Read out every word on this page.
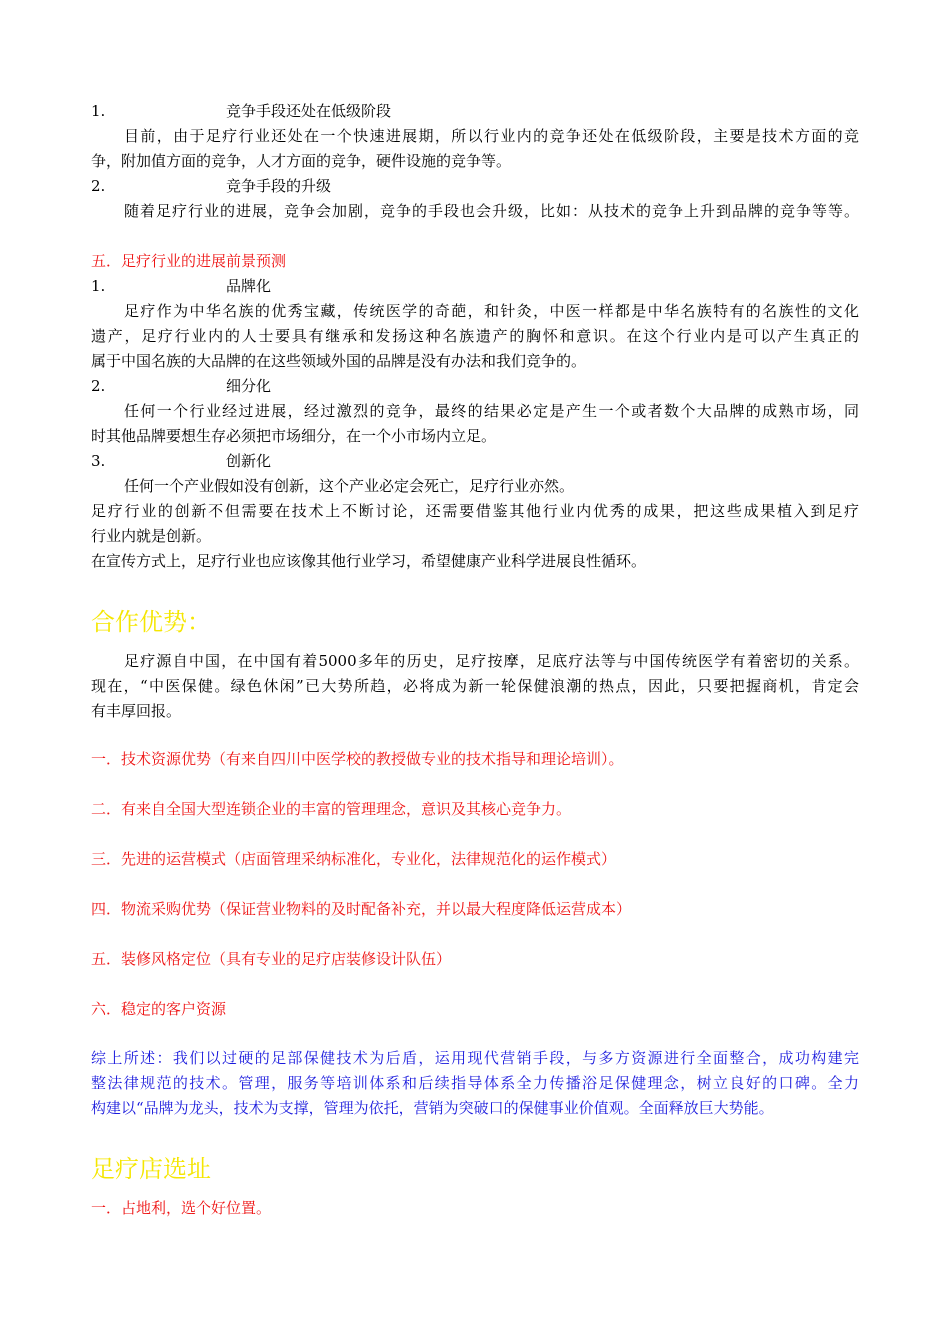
1.	竞争手段还处在低级阶段
目前，由于足疗行业还处在一个快速进展期，所以行业内的竞争还处在低级阶段，主要是技术方面的竞
争，附加值方面的竞争，人才方面的竞争，硬件设施的竞争等。
2.	竞争手段的升级
随着足疗行业的进展，竞争会加剧，竞争的手段也会升级，比如：从技术的竞争上升到品牌的竞争等等。
五．足疗行业的进展前景预测
1.	品牌化
足疗作为中华名族的优秀宝藏，传统医学的奇葩，和针灸，中医一样都是中华名族特有的名族性的文化
遗产，足疗行业内的人士要具有继承和发扬这种名族遗产的胸怀和意识。在这个行业内是可以产生真正的
属于中国名族的大品牌的在这些领域外国的品牌是没有办法和我们竞争的。
2.	细分化
任何一个行业经过进展，经过激烈的竞争，最终的结果必定是产生一个或者数个大品牌的成熟市场，同
时其他品牌要想生存必须把市场细分，在一个小市场内立足。
3.	创新化
任何一个产业假如没有创新，这个产业必定会死亡，足疗行业亦然。
足疗行业的创新不但需要在技术上不断讨论，还需要借鉴其他行业内优秀的成果，把这些成果植入到足疗
行业内就是创新。
在宣传方式上，足疗行业也应该像其他行业学习，希望健康产业科学进展良性循环。
合作优势：
足疗源自中国，在中国有着5000多年的历史，足疗按摩，足底疗法等与中国传统医学有着密切的关系。
现在，“中医保健。绿色休闲”已大势所趋，必将成为新一轮保健浪潮的热点，因此，只要把握商机，肯定会
有丰厚回报。
一．技术资源优势（有来自四川中医学校的教授做专业的技术指导和理论培训）。
二．有来自全国大型连锁企业的丰富的管理理念，意识及其核心竞争力。
三．先进的运营模式（店面管理采纳标准化，专业化，法律规范化的运作模式）
四．物流采购优势（保证营业物料的及时配备补充，并以最大程度降低运营成本）
五．装修风格定位（具有专业的足疗店装修设计队伍）
六．稳定的客户资源
综上所述：我们以过硬的足部保健技术为后盾，运用现代营销手段，与多方资源进行全面整合，成功构建完
整法律规范的技术。管理，服务等培训体系和后续指导体系全力传播浴足保健理念，树立良好的口碑。全力
构建以“品牌为龙头，技术为支撑，管理为依托，营销为突破口的保健事业价值观。全面释放巨大势能。
足疗店选址
一．占地利，选个好位置。
